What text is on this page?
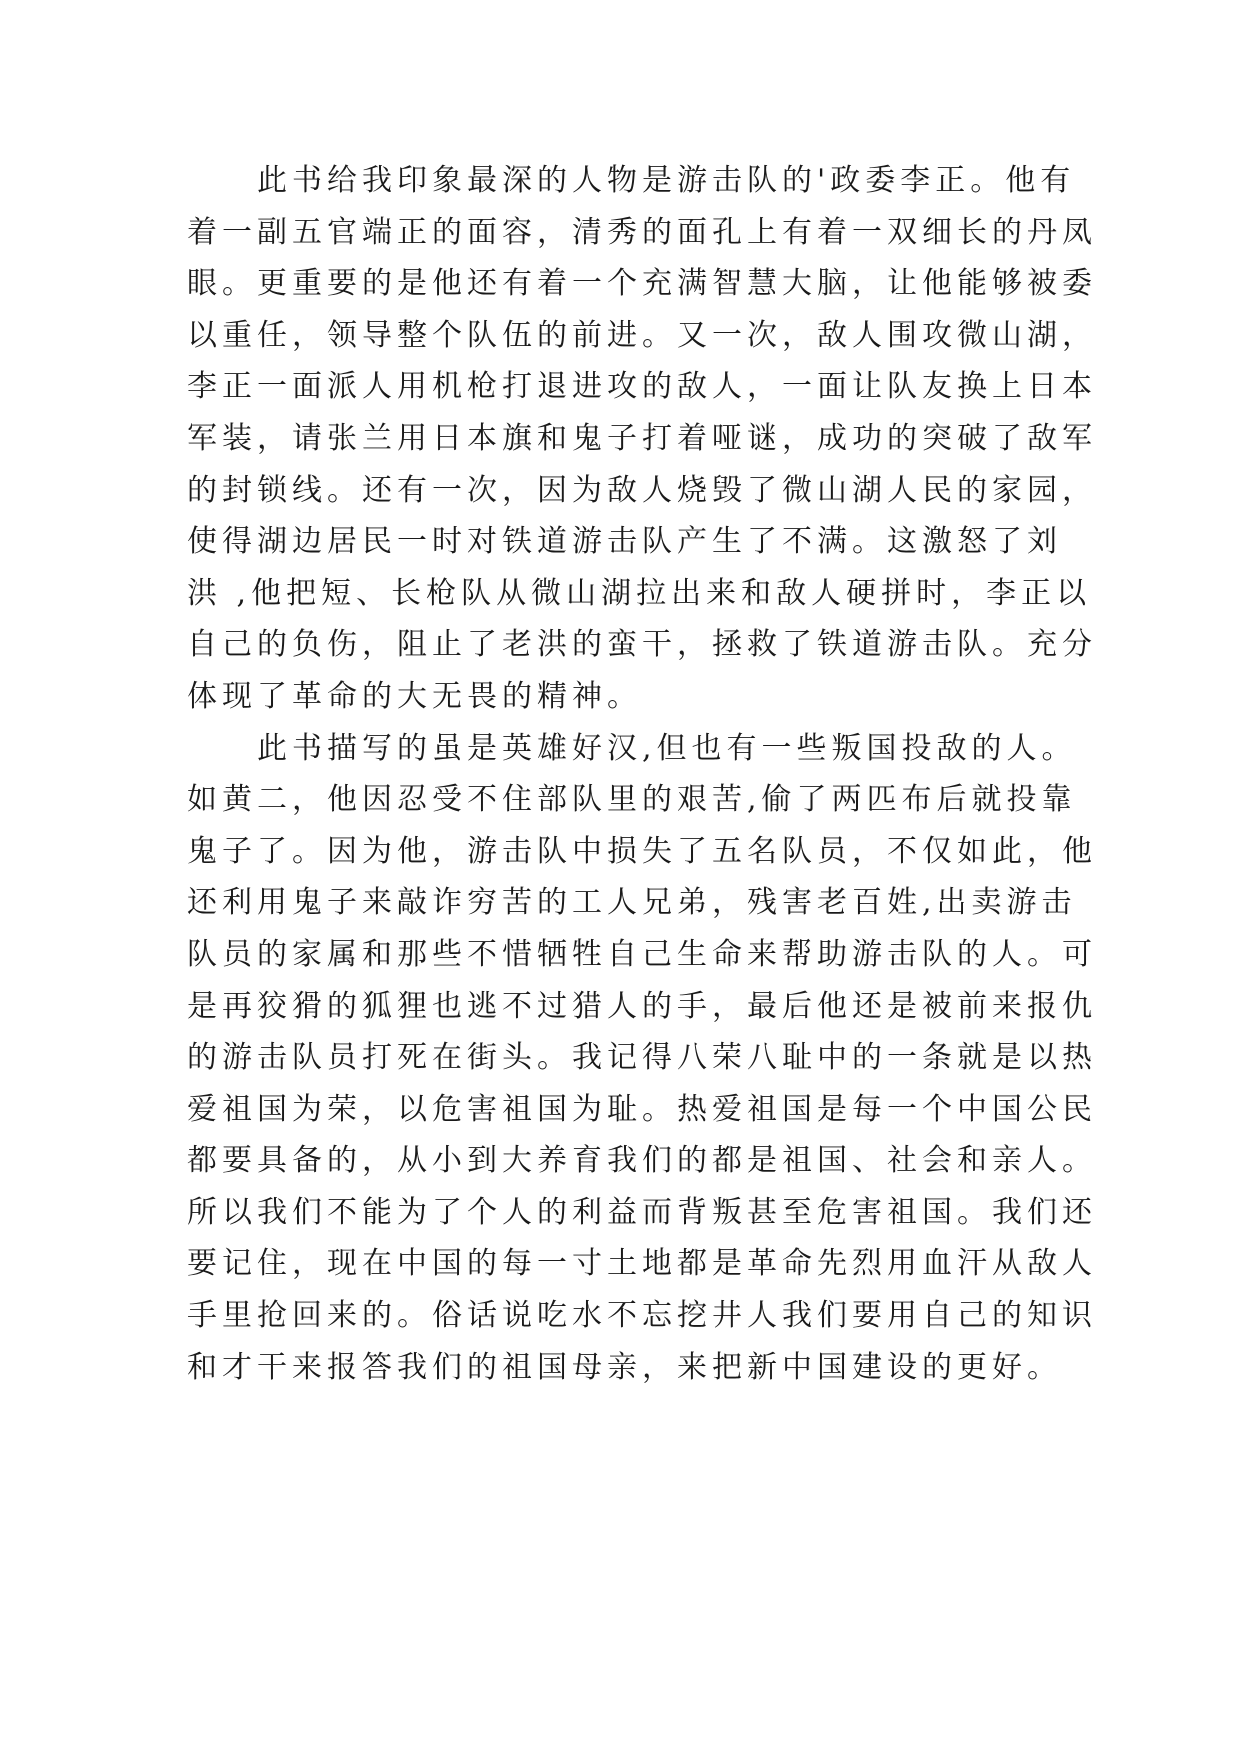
此书给我印象最深的人物是游击队的'政委李正。他有
着一副五官端正的面容，清秀的面孔上有着一双细长的丹凤
眼。更重要的是他还有着一个充满智慧大脑，让他能够被委
以重任，领导整个队伍的前进。又一次，敌人围攻微山湖，
李正一面派人用机枪打退进攻的敌人，一面让队友换上日本
军装，请张兰用日本旗和鬼子打着哑谜，成功的突破了敌军
的封锁线。还有一次，因为敌人烧毁了微山湖人民的家园，
使得湖边居民一时对铁道游击队产生了不满。这激怒了刘
洪 ,他把短、长枪队从微山湖拉出来和敌人硬拼时，李正以
自己的负伤，阻止了老洪的蛮干，拯救了铁道游击队。充分
体现了革命的大无畏的精神。
此书描写的虽是英雄好汉,但也有一些叛国投敌的人。
如黄二，他因忍受不住部队里的艰苦,偷了两匹布后就投靠
鬼子了。因为他，游击队中损失了五名队员，不仅如此，他
还利用鬼子来敲诈穷苦的工人兄弟，残害老百姓,出卖游击
队员的家属和那些不惜牺牲自己生命来帮助游击队的人。可
是再狡猾的狐狸也逃不过猎人的手，最后他还是被前来报仇
的游击队员打死在街头。我记得八荣八耻中的一条就是以热
爱祖国为荣，以危害祖国为耻。热爱祖国是每一个中国公民
都要具备的，从小到大养育我们的都是祖国、社会和亲人。
所以我们不能为了个人的利益而背叛甚至危害祖国。我们还
要记住，现在中国的每一寸土地都是革命先烈用血汗从敌人
手里抢回来的。俗话说吃水不忘挖井人我们要用自己的知识
和才干来报答我们的祖国母亲，来把新中国建设的更好。
